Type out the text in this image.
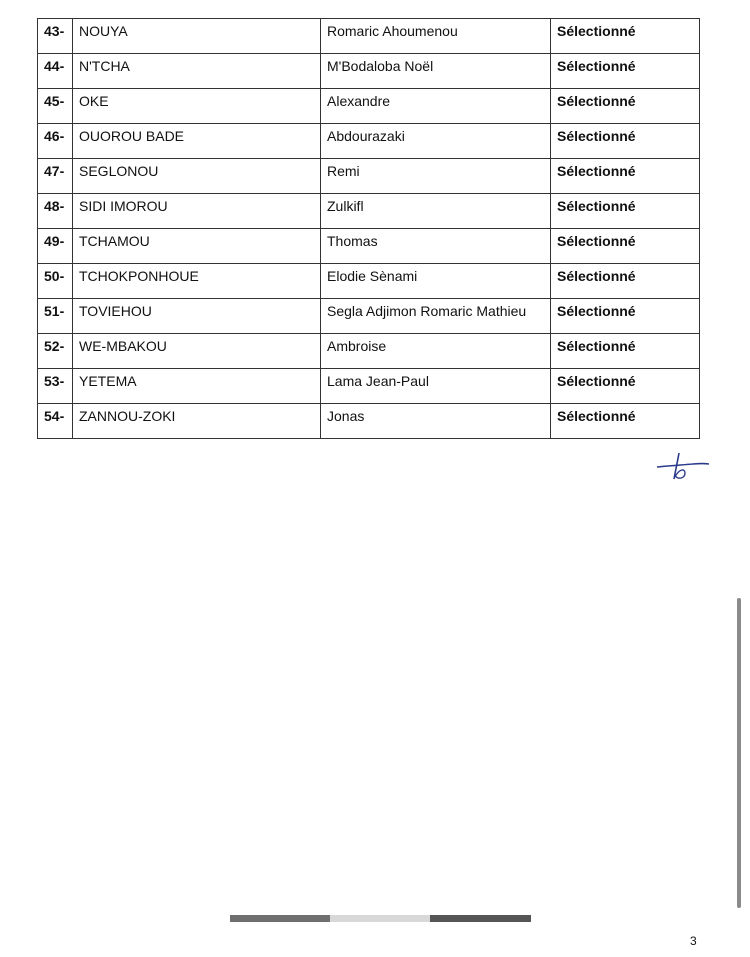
43-	NOUYA	Romaric Ahoumenou	Sélectionné
44-	N'TCHA	M'Bodaloba Noël	Sélectionné
45-	OKE	Alexandre	Sélectionné
46-	OUOROU BADE	Abdourazaki	Sélectionné
47-	SEGLONOU	Remi	Sélectionné
48-	SIDI IMOROU	Zulkifl	Sélectionné
49-	TCHAMOU	Thomas	Sélectionné
50-	TCHOKPONHOUE	Elodie Sènami	Sélectionné
51-	TOVIEHOU	Segla Adjimon Romaric Mathieu	Sélectionné
52-	WE-MBAKOU	Ambroise	Sélectionné
53-	YETEMA	Lama Jean-Paul	Sélectionné
54-	ZANNOU-ZOKI	Jonas	Sélectionné
3
